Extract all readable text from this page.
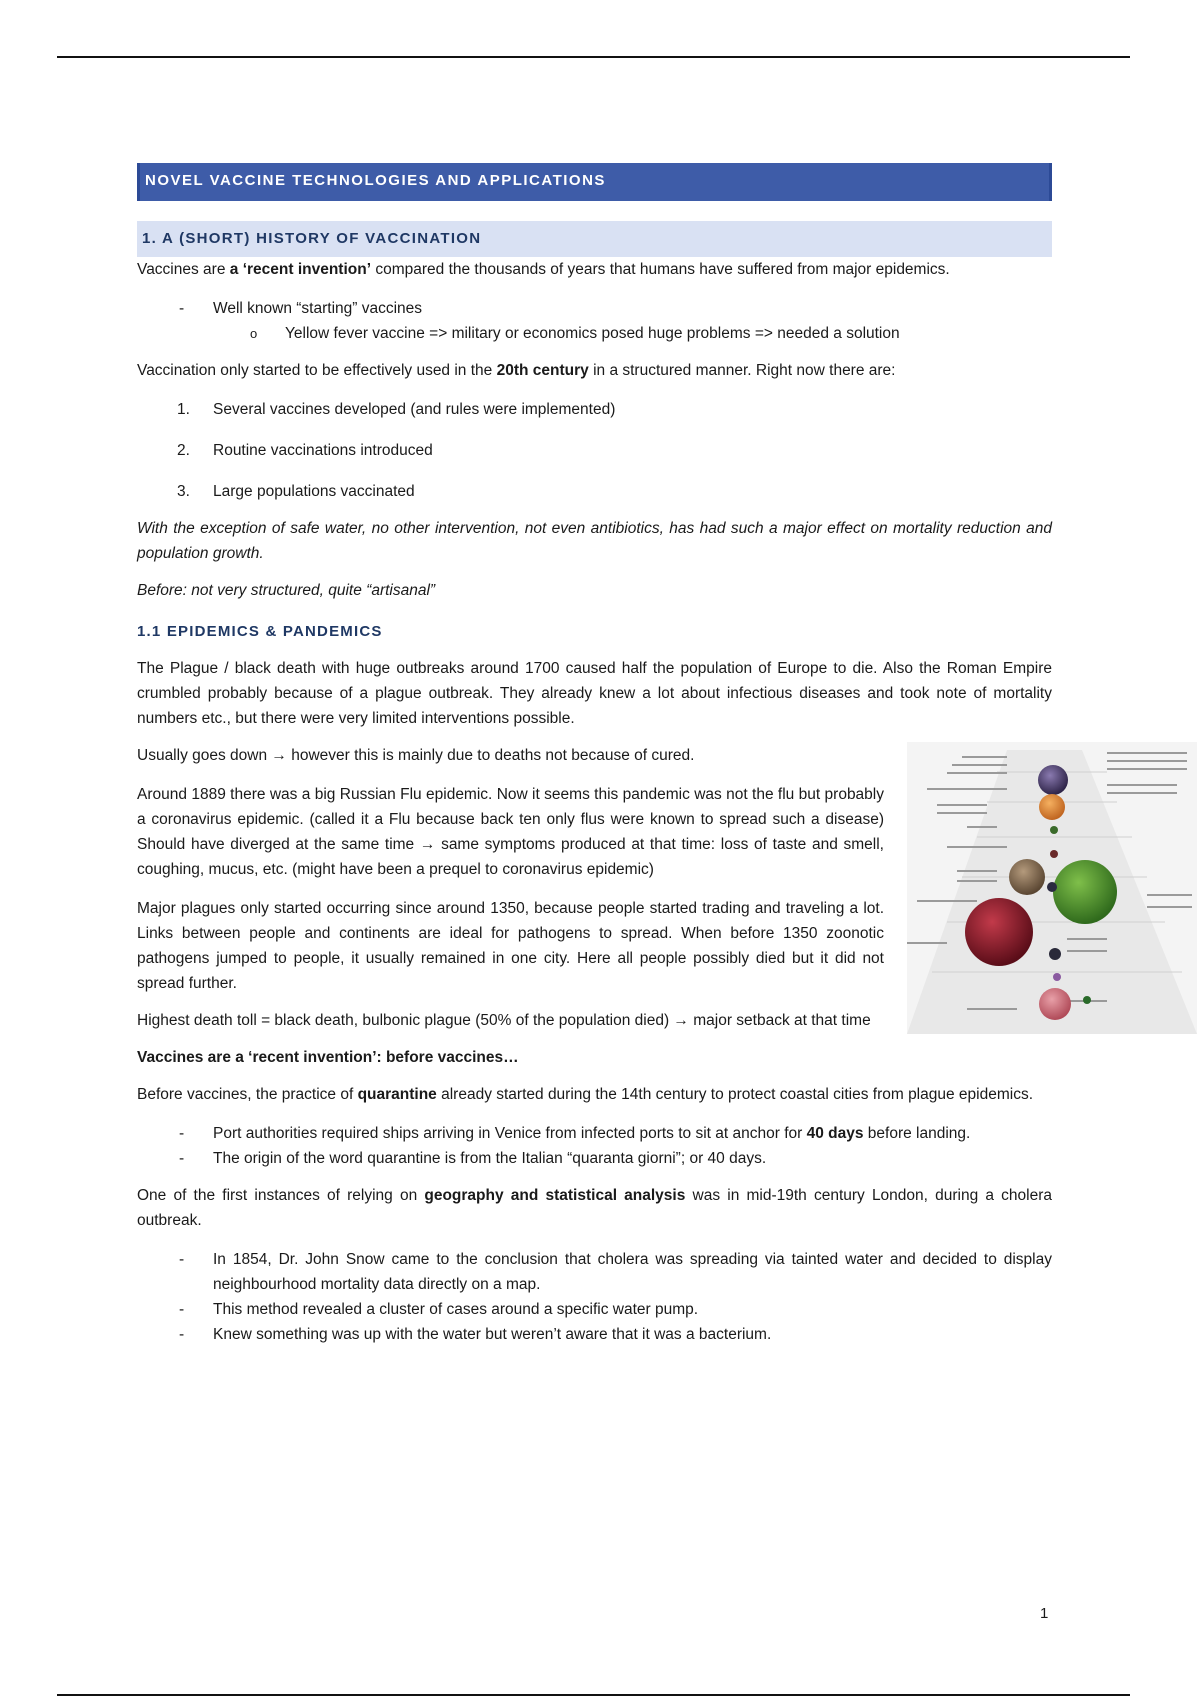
NOVEL VACCINE TECHNOLOGIES AND APPLICATIONS
1. A (SHORT) HISTORY OF VACCINATION

Vaccines are a ‘recent invention’ compared the thousands of years that humans have suffered from major epidemics.

- Well known “starting” vaccines
o Yellow fever vaccine => military or economics posed huge problems => needed a solution

Vaccination only started to be effectively used in the 20th century in a structured manner. Right now there are:

1. Several vaccines developed (and rules were implemented)
2. Routine vaccinations introduced
3. Large populations vaccinated

With the exception of safe water, no other intervention, not even antibiotics, has had such a major effect on mortality reduction and population growth.

Before: not very structured, quite “artisanal”

1.1 EPIDEMICS & PANDEMICS

The Plague / black death with huge outbreaks around 1700 caused half the population of Europe to die. Also the Roman Empire crumbled probably because of a plague outbreak. They already knew a lot about infectious diseases and took note of mortality numbers etc., but there were very limited interventions possible.

Usually goes down → however this is mainly due to deaths not because of cured.

Around 1889 there was a big Russian Flu epidemic. Now it seems this pandemic was not the flu but probably a coronavirus epidemic. (called it a Flu because back ten only flus were known to spread such a disease) Should have diverged at the same time → same symptoms produced at that time: loss of taste and smell, coughing, mucus, etc. (might have been a prequel to coronavirus epidemic)

Major plagues only started occurring since around 1350, because people started trading and traveling a lot. Links between people and continents are ideal for pathogens to spread. When before 1350 zoonotic pathogens jumped to people, it usually remained in one city. Here all people possibly died but it did not spread further.

Highest death toll = black death, bulbonic plague (50% of the population died) → major setback at that time

Vaccines are a ‘recent invention’: before vaccines…

Before vaccines, the practice of quarantine already started during the 14th century to protect coastal cities from plague epidemics.

- Port authorities required ships arriving in Venice from infected ports to sit at anchor for 40 days before landing.
- The origin of the word quarantine is from the Italian “quaranta giorni”; or 40 days.

One of the first instances of relying on geography and statistical analysis was in mid-19th century London, during a cholera outbreak.

- In 1854, Dr. John Snow came to the conclusion that cholera was spreading via tainted water and decided to display neighbourhood mortality data directly on a map.
- This method revealed a cluster of cases around a specific water pump.
- Knew something was up with the water but weren’t aware that it was a bacterium.
1
